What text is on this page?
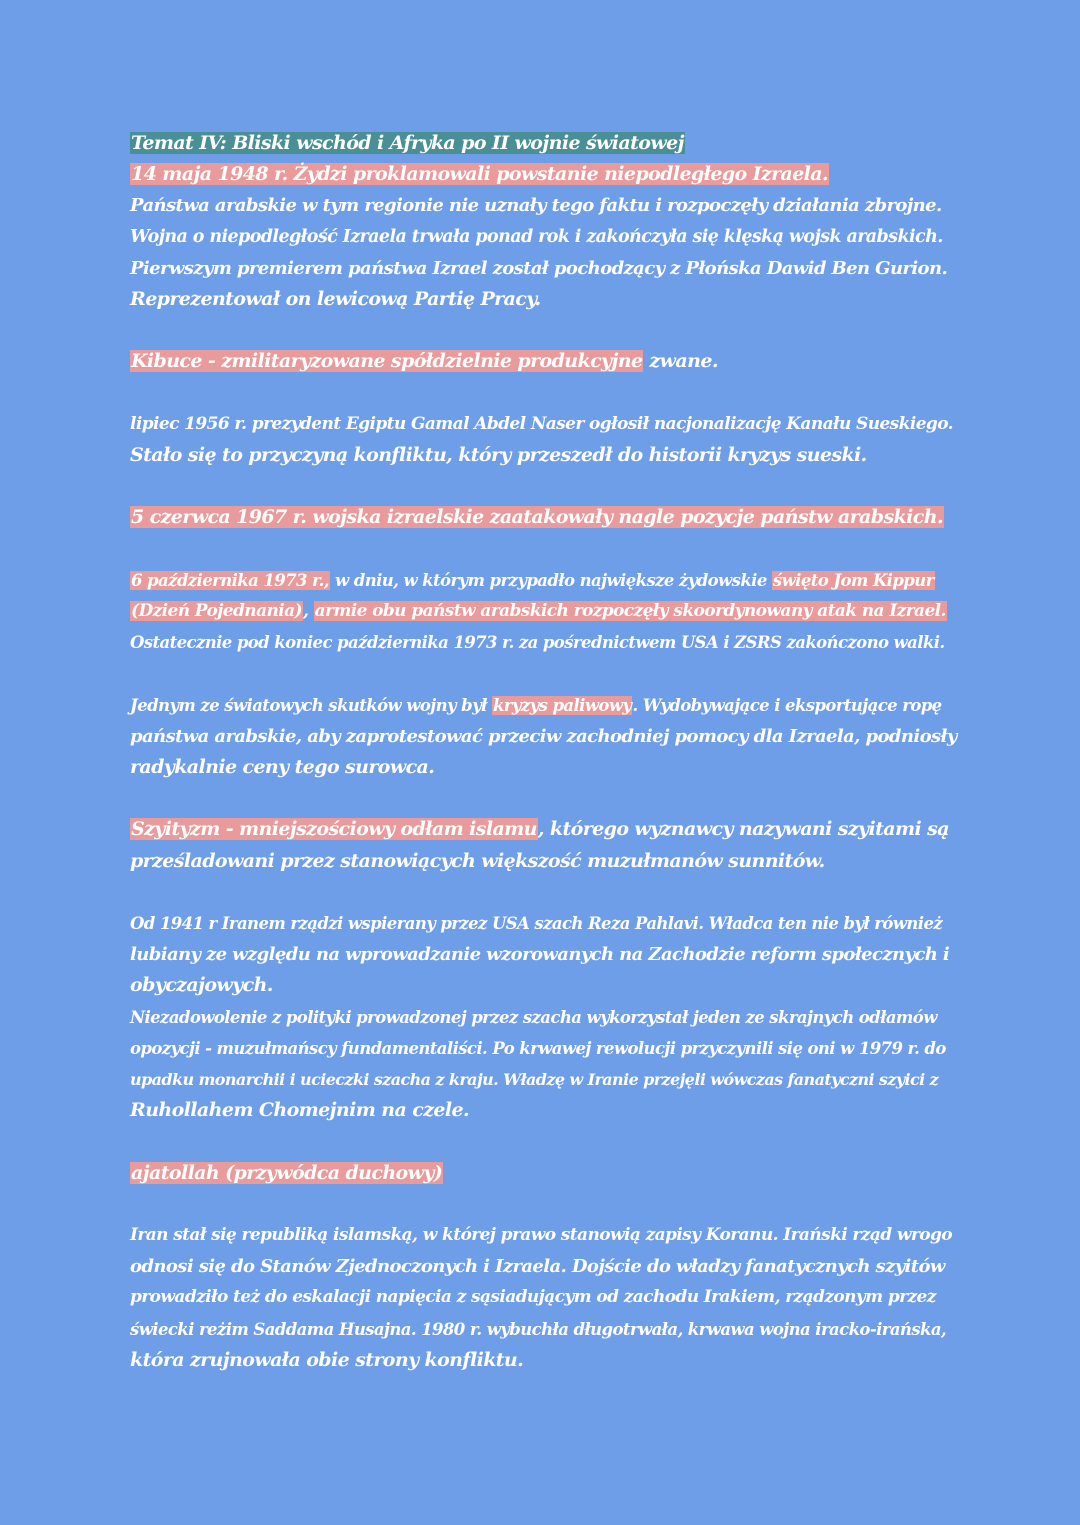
Temat IV: Bliski wschód i Afryka po II wojnie światowej
14 maja 1948 r. Żydzi proklamowali powstanie niepodległego Izraela.
Państwa arabskie w tym regionie nie uznały tego faktu i rozpoczęły działania zbrojne.
Wojna o niepodległość Izraela trwała ponad rok i zakończyła się klęską wojsk arabskich.
Pierwszym premierem państwa Izrael został pochodzący z Płońska Dawid Ben Gurion.
Reprezentował on lewicową Partię Pracy.
Kibuce - zmilitaryzowane spółdzielnie produkcyjne zwane.
lipiec 1956 r. prezydent Egiptu Gamal Abdel Naser ogłosił nacjonalizację Kanału Sueskiego.
Stało się to przyczyną konfliktu, który przeszedł do historii kryzys sueski.
5 czerwca 1967 r. wojska izraelskie zaatakowały nagle pozycje państw arabskich.
6 października 1973 r., w dniu, w którym przypadło największe żydowskie święto Jom Kippur
(Dzień Pojednania), armie obu państw arabskich rozpoczęły skoordynowany atak na Izrael.
Ostatecznie pod koniec października 1973 r. za pośrednictwem USA i ZSRS zakończono walki.
Jednym ze światowych skutków wojny był kryzys paliwowy. Wydobywające i eksportujące ropę
państwa arabskie, aby zaprotestować przeciw zachodniej pomocy dla Izraela, podniosły
radykalnie ceny tego surowca.
Szyityzm - mniejszościowy odłam islamu, którego wyznawcy nazywani szyitami są
prześladowani przez stanowiących większość muzułmanów sunnitów.
Od 1941 r Iranem rządzi wspierany przez USA szach Reza Pahlavi. Władca ten nie był również
lubiany ze względu na wprowadzanie wzorowanych na Zachodzie reform społecznych i
obyczajowych.
Niezadowolenie z polityki prowadzonej przez szacha wykorzystał jeden ze skrajnych odłamów
opozycji - muzułmańscy fundamentaliści. Po krwawej rewolucji przyczynili się oni w 1979 r. do
upadku monarchii i ucieczki szacha z kraju. Władzę w Iranie przejęli wówczas fanatyczni szyici z
Ruhollahem Chomejnim na czele.
ajatollah (przywódca duchowy)
Iran stał się republiką islamską, w której prawo stanowią zapisy Koranu. Irański rząd wrogo
odnosi się do Stanów Zjednoczonych i Izraela. Dojście do władzy fanatycznych szyitów
prowadziło też do eskalacji napięcia z sąsiadującym od zachodu Irakiem, rządzonym przez
świecki reżim Saddama Husajna. 1980 r. wybuchła długotrwała, krwawa wojna iracko-irańska,
która zrujnowała obie strony konfliktu.
